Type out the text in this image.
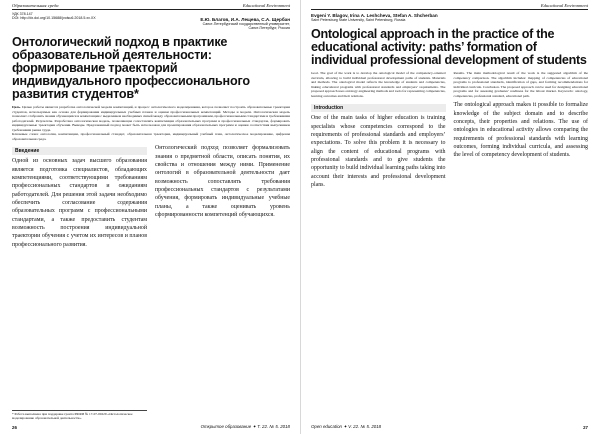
Образовательная среда	Educational Environment
УДК 378.147
DOI: http://dx.doi.org/10.15688/jvolsu6.2018.5.xx.XX	Е.Ю. Благов, И.А. Лещева, С.А. Щербан
Санкт-Петербургский государственный университет,
Санкт-Петербург, Россия
Онтологический подход в практике образовательной деятельности: формирование траекторий индивидуального профессионального развития студентов*
Цель. Целью работы является разработка онтологической модели компетенций, и процесс онтологического моделирования, которое позволяет построить образовательные траектории студентов, используемые как основа для формирования индивидуальных учебных планов и оценки профессиональных компетенций. Методы и модели. Онтологическая модель позволяет отобразить знания обучающихся и компетенции с выделением необходимых связей между образовательными программами, профессиональными стандартами и требованиями работодателей. Результаты. Разработана онтологическая модель, позволяющая сопоставлять компетенции образовательных программ и профессиональных стандартов, формировать индивидуальные траектории обучения. Выводы. Предложенный подход может быть использован для проектирования образовательных программ и оценки соответствия выпускников требованиям рынка труда.
Ключевые слова: онтология, компетенции, профессиональный стандарт, образовательная траектория, индивидуальный учебный план, онтологическое моделирование, цифровая образовательная среда.
Введение
Одной из основных задач высшего образования является подготовка специалистов, обладающих компетенциями, соответствующими требованиям профессиональных стандартов и ожиданиям работодателей. Для решения этой задачи необходимо обеспечить согласование содержания образовательных программ с профессиональными стандартами, а также предоставить студентам возможность построения индивидуальной траектории обучения с учетом их интересов и планов профессионального развития.
Онтологический подход позволяет формализовать знания о предметной области, описать понятия, их свойства и отношения между ними. Применение онтологий в образовательной деятельности дает возможность сопоставлять требования профессиональных стандартов с результатами обучения, формировать индивидуальные учебные планы, а также оценивать уровень сформированности компетенций обучающихся.
* Работа выполнена при поддержке гранта РФФИ № 17-07-00229 «Онтологическое моделирование образовательной деятельности».
26	Открытое образование ✦ Т. 22. № 5. 2018
Educational Environment
Evgeni Y. Blagov, Irina A. Leshcheva, Stefan A. Shcherban
Saint Petersburg State University, Saint Petersburg, Russia
Ontological approach in the practice of the educational activity: paths’ formation of individual professional development of students
Goal. The goal of the work is to develop the ontological model of the competency-oriented curricula, allowing to build individual professional development paths of students. Materials and methods. The ontological model reflects the knowledge of students and competencies, linking educational programs with professional standards and employers’ requirements. The proposed approach uses ontology engineering methods and tools for representing competencies, learning outcomes and their relations.
Results. The main methodological result of the work is the suggested algorithm of the competency comparison. The algorithm includes: mapping of competencies of educational programs to professional standards, identification of gaps, and forming recommendations for individual curricula. Conclusion. The proposed approach can be used for designing educational programs and for assessing graduates’ readiness for the labour market. Keywords: ontology, competencies, professional standard, educational path.
Introduction
One of the main tasks of higher education is training specialists whose competencies correspond to the requirements of professional standards and employers’ expectations. To solve this problem it is necessary to align the content of educational programs with professional standards and to give students the opportunity to build individual learning paths taking into account their interests and professional development plans.
The ontological approach makes it possible to formalize knowledge of the subject domain and to describe concepts, their properties and relations. The use of ontologies in educational activity allows comparing the requirements of professional standards with learning outcomes, forming individual curricula, and assessing the level of competency development of students.
Open education ✦ V. 22. № 5. 2018	27
